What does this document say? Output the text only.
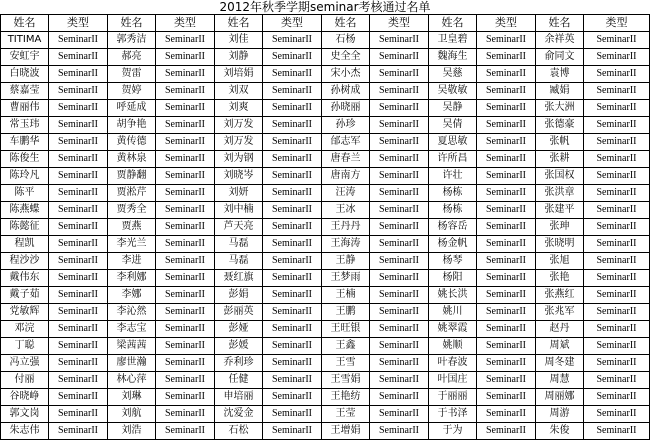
2012年秋季学期seminar考核通过名单
姓名	类型	姓名	类型	姓名	类型	姓名	类型	姓名	类型	姓名	类型
TITIMA	SeminarII	郭秀洁	SeminarII	刘佳	SeminarII	石杨	SeminarII	卫皇碧	SeminarII	余祥英	SeminarII
安虹宇	SeminarII	郝亮	SeminarII	刘静	SeminarII	史全全	SeminarII	魏海生	SeminarII	俞同文	SeminarII
白晓波	SeminarII	贺雷	SeminarII	刘培娟	SeminarII	宋小杰	SeminarII	吴慈	SeminarII	袁博	SeminarII
蔡嘉莹	SeminarII	贺婷	SeminarII	刘双	SeminarII	孙树成	SeminarII	吴敬敏	SeminarII	臧娟	SeminarII
曹丽伟	SeminarII	呼延成	SeminarII	刘爽	SeminarII	孙晓丽	SeminarII	吴静	SeminarII	张大洲	SeminarII
常玉玮	SeminarII	胡争艳	SeminarII	刘万发	SeminarII	孙珍	SeminarII	吴倩	SeminarII	张德豪	SeminarII
车鹏华	SeminarII	黄传德	SeminarII	刘万发	SeminarII	邰志军	SeminarII	夏思敏	SeminarII	张帆	SeminarII
陈俊生	SeminarII	黄林泉	SeminarII	刘为钢	SeminarII	唐春兰	SeminarII	许所昌	SeminarII	张耕	SeminarII
陈玲凡	SeminarII	贾静翻	SeminarII	刘晓岑	SeminarII	唐南方	SeminarII	许壮	SeminarII	张国权	SeminarII
陈平	SeminarII	贾淞芹	SeminarII	刘妍	SeminarII	汪涛	SeminarII	杨栋	SeminarII	张洪章	SeminarII
陈燕蝶	SeminarII	贾秀全	SeminarII	刘中楠	SeminarII	王冰	SeminarII	杨栋	SeminarII	张建平	SeminarII
陈懿征	SeminarII	贾燕	SeminarII	芦天亮	SeminarII	王丹丹	SeminarII	杨容岳	SeminarII	张珅	SeminarII
程凯	SeminarII	李光兰	SeminarII	马磊	SeminarII	王海涛	SeminarII	杨金帆	SeminarII	张晓明	SeminarII
程沙沙	SeminarII	李进	SeminarII	马磊	SeminarII	王静	SeminarII	杨琴	SeminarII	张旭	SeminarII
戴伟东	SeminarII	李利娜	SeminarII	聂红旗	SeminarII	王梦雨	SeminarII	杨阳	SeminarII	张艳	SeminarII
戴子茹	SeminarII	李娜	SeminarII	彭娟	SeminarII	王楠	SeminarII	姚长洪	SeminarII	张燕红	SeminarII
党敏辉	SeminarII	李沁然	SeminarII	彭丽英	SeminarII	王鹏	SeminarII	姚川	SeminarII	张兆军	SeminarII
邓浣	SeminarII	李志宝	SeminarII	彭娅	SeminarII	王旺银	SeminarII	姚翠霞	SeminarII	赵丹	SeminarII
丁聪	SeminarII	梁茜茜	SeminarII	彭媛	SeminarII	王鑫	SeminarII	姚顺	SeminarII	周斌	SeminarII
冯立强	SeminarII	廖世瀚	SeminarII	乔利珍	SeminarII	王雪	SeminarII	叶春波	SeminarII	周冬建	SeminarII
付丽	SeminarII	林心萍	SeminarII	任健	SeminarII	王雪娟	SeminarII	叶国庄	SeminarII	周慧	SeminarII
谷晓峥	SeminarII	刘琳	SeminarII	申培丽	SeminarII	王艳纺	SeminarII	于丽丽	SeminarII	周丽娜	SeminarII
郭文岗	SeminarII	刘航	SeminarII	沈爱金	SeminarII	王莹	SeminarII	于书泽	SeminarII	周游	SeminarII
朱志伟	SeminarII	刘浩	SeminarII	石松	SeminarII	王增娟	SeminarII	于为	SeminarII	朱俊	SeminarII
